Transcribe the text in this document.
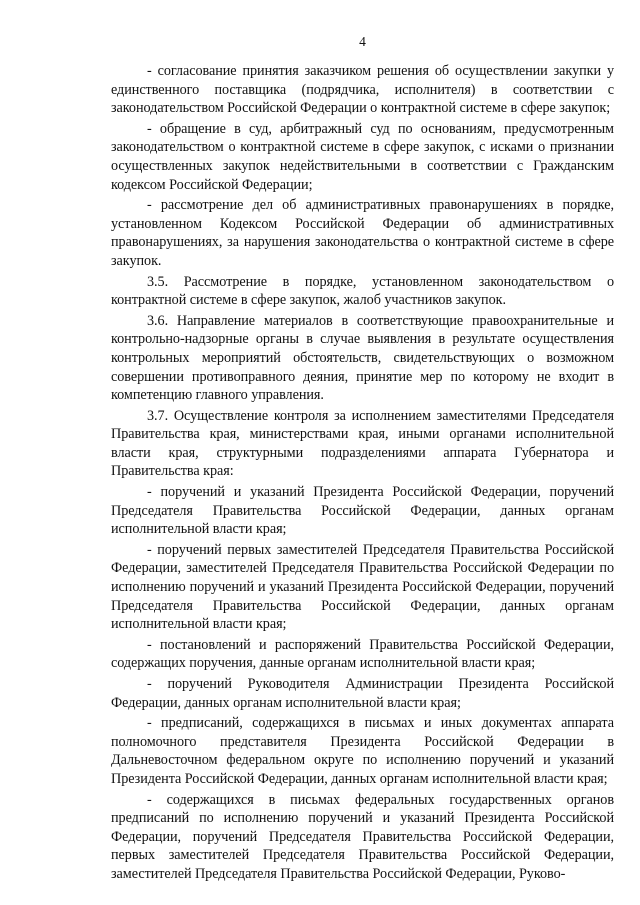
4

- согласование принятия заказчиком решения об осуществлении закупки у единственного поставщика (подрядчика, исполнителя) в соответствии с законодательством Российской Федерации о контрактной системе в сфере закупок;

- обращение в суд, арбитражный суд по основаниям, предусмотренным законодательством о контрактной системе в сфере закупок, с исками о признании осуществленных закупок недействительными в соответствии с Гражданским кодексом Российской Федерации;

- рассмотрение дел об административных правонарушениях в порядке, установленном Кодексом Российской Федерации об административных правонарушениях, за нарушения законодательства о контрактной системе в сфере закупок.

3.5. Рассмотрение в порядке, установленном законодательством о контрактной системе в сфере закупок, жалоб участников закупок.

3.6. Направление материалов в соответствующие правоохранительные и контрольно-надзорные органы в случае выявления в результате осуществления контрольных мероприятий обстоятельств, свидетельствующих о возможном совершении противоправного деяния, принятие мер по которому не входит в компетенцию главного управления.

3.7. Осуществление контроля за исполнением заместителями Председателя Правительства края, министерствами края, иными органами исполнительной власти края, структурными подразделениями аппарата Губернатора и Правительства края:

- поручений и указаний Президента Российской Федерации, поручений Председателя Правительства Российской Федерации, данных органам исполнительной власти края;

- поручений первых заместителей Председателя Правительства Российской Федерации, заместителей Председателя Правительства Российской Федерации по исполнению поручений и указаний Президента Российской Федерации, поручений Председателя Правительства Российской Федерации, данных органам исполнительной власти края;

- постановлений и распоряжений Правительства Российской Федерации, содержащих поручения, данные органам исполнительной власти края;

- поручений Руководителя Администрации Президента Российской Федерации, данных органам исполнительной власти края;

- предписаний, содержащихся в письмах и иных документах аппарата полномочного представителя Президента Российской Федерации в Дальневосточном федеральном округе по исполнению поручений и указаний Президента Российской Федерации, данных органам исполнительной власти края;

- содержащихся в письмах федеральных государственных органов предписаний по исполнению поручений и указаний Президента Российской Федерации, поручений Председателя Правительства Российской Федерации, первых заместителей Председателя Правительства Российской Федерации, заместителей Председателя Правительства Российской Федерации, Руково-
